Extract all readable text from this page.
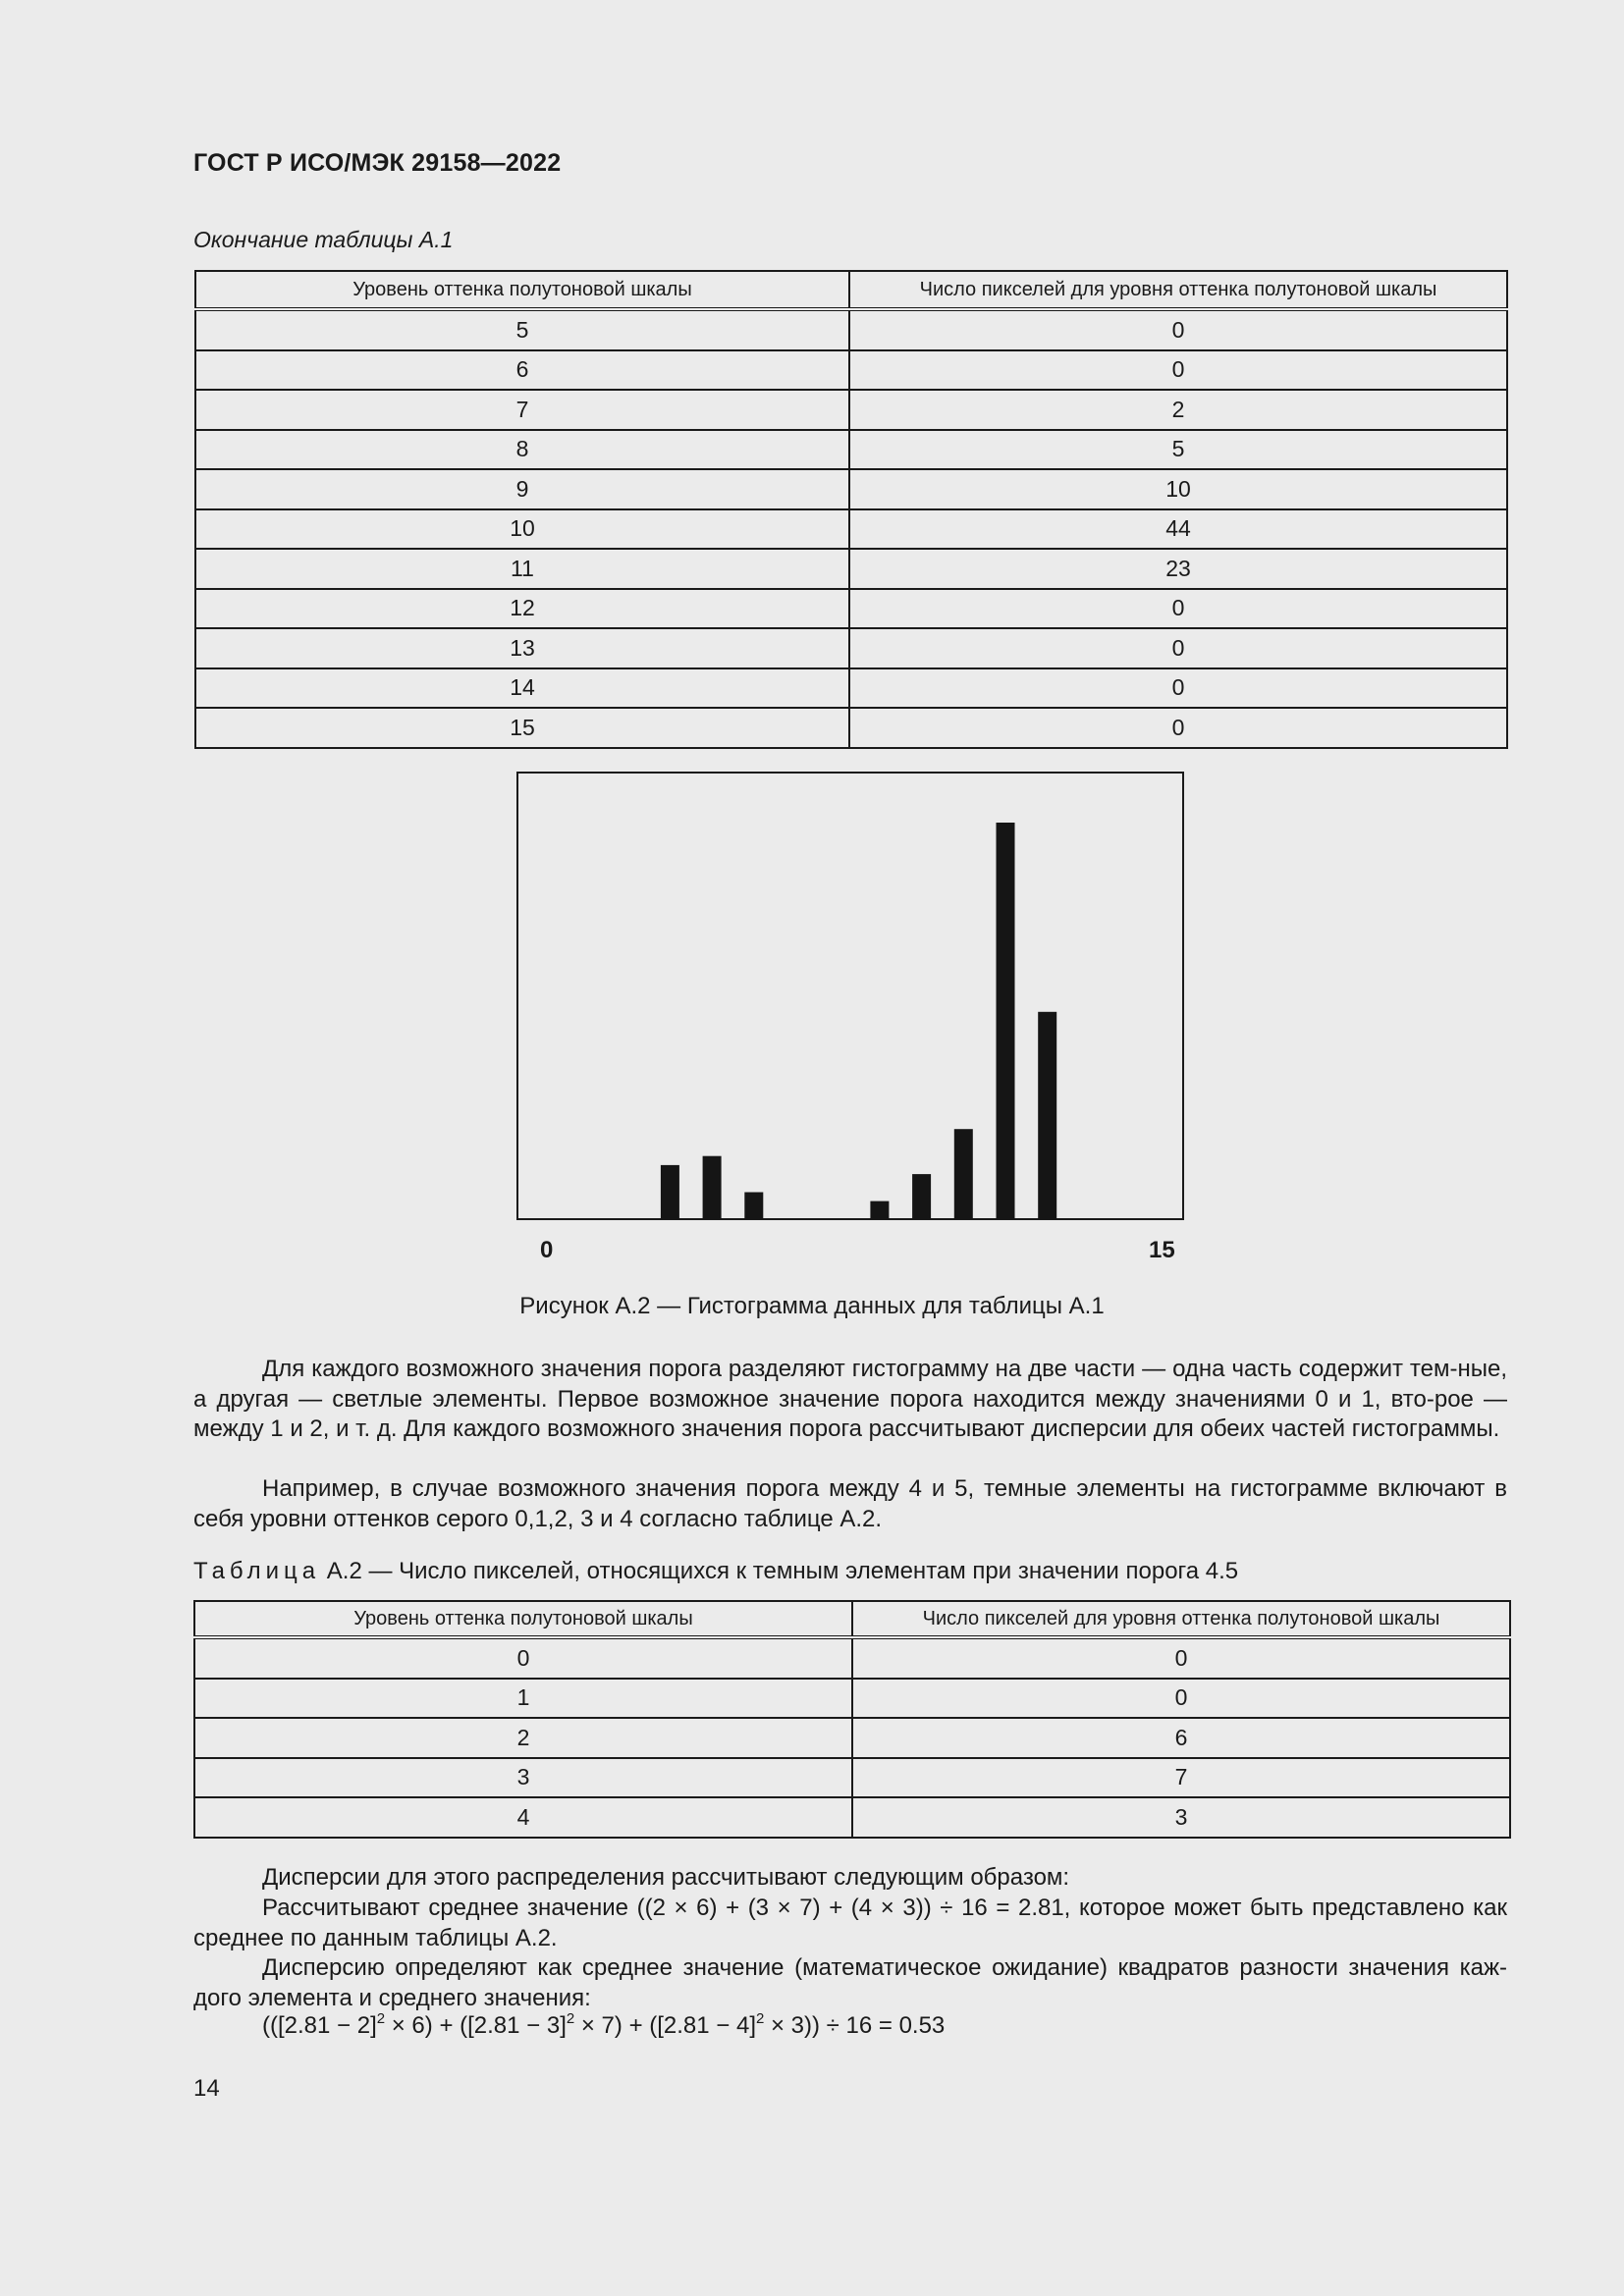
ГОСТ Р ИСО/МЭК 29158—2022
Окончание таблицы А.1
Уровень оттенка полутоновой шкалы	Число пикселей для уровня оттенка полутоновой шкалы
5	0
6	0
7	2
8	5
9	10
10	44
11	23
12	0
13	0
14	0
15	0
0	15
Рисунок А.2 — Гистограмма данных для таблицы А.1
Для каждого возможного значения порога разделяют гистограмму на две части — одна часть содержит тем-ные, а другая — светлые элементы. Первое возможное значение порога находится между значениями 0 и 1, вто-рое — между 1 и 2, и т. д. Для каждого возможного значения порога рассчитывают дисперсии для обеих частей гистограммы.
Например, в случае возможного значения порога между 4 и 5, темные элементы на гистограмме включают в себя уровни оттенков серого 0,1,2, 3 и 4 согласно таблице А.2.
Таблица А.2 — Число пикселей, относящихся к темным элементам при значении порога 4.5
Уровень оттенка полутоновой шкалы	Число пикселей для уровня оттенка полутоновой шкалы
0	0
1	0
2	6
3	7
4	3
Дисперсии для этого распределения рассчитывают следующим образом:
Рассчитывают среднее значение ((2 × 6) + (3 × 7) + (4 × 3)) ÷ 16 = 2.81, которое может быть представлено как среднее по данным таблицы А.2.
Дисперсию определяют как среднее значение (математическое ожидание) квадратов разности значения каж-дого элемента и среднего значения:
$(([2.81 - 2]^2 \times 6) + ([2.81 - 3]^2 \times 7) + ([2.81 - 4]^2 \times 3)) \div 16 = 0.53$
14
